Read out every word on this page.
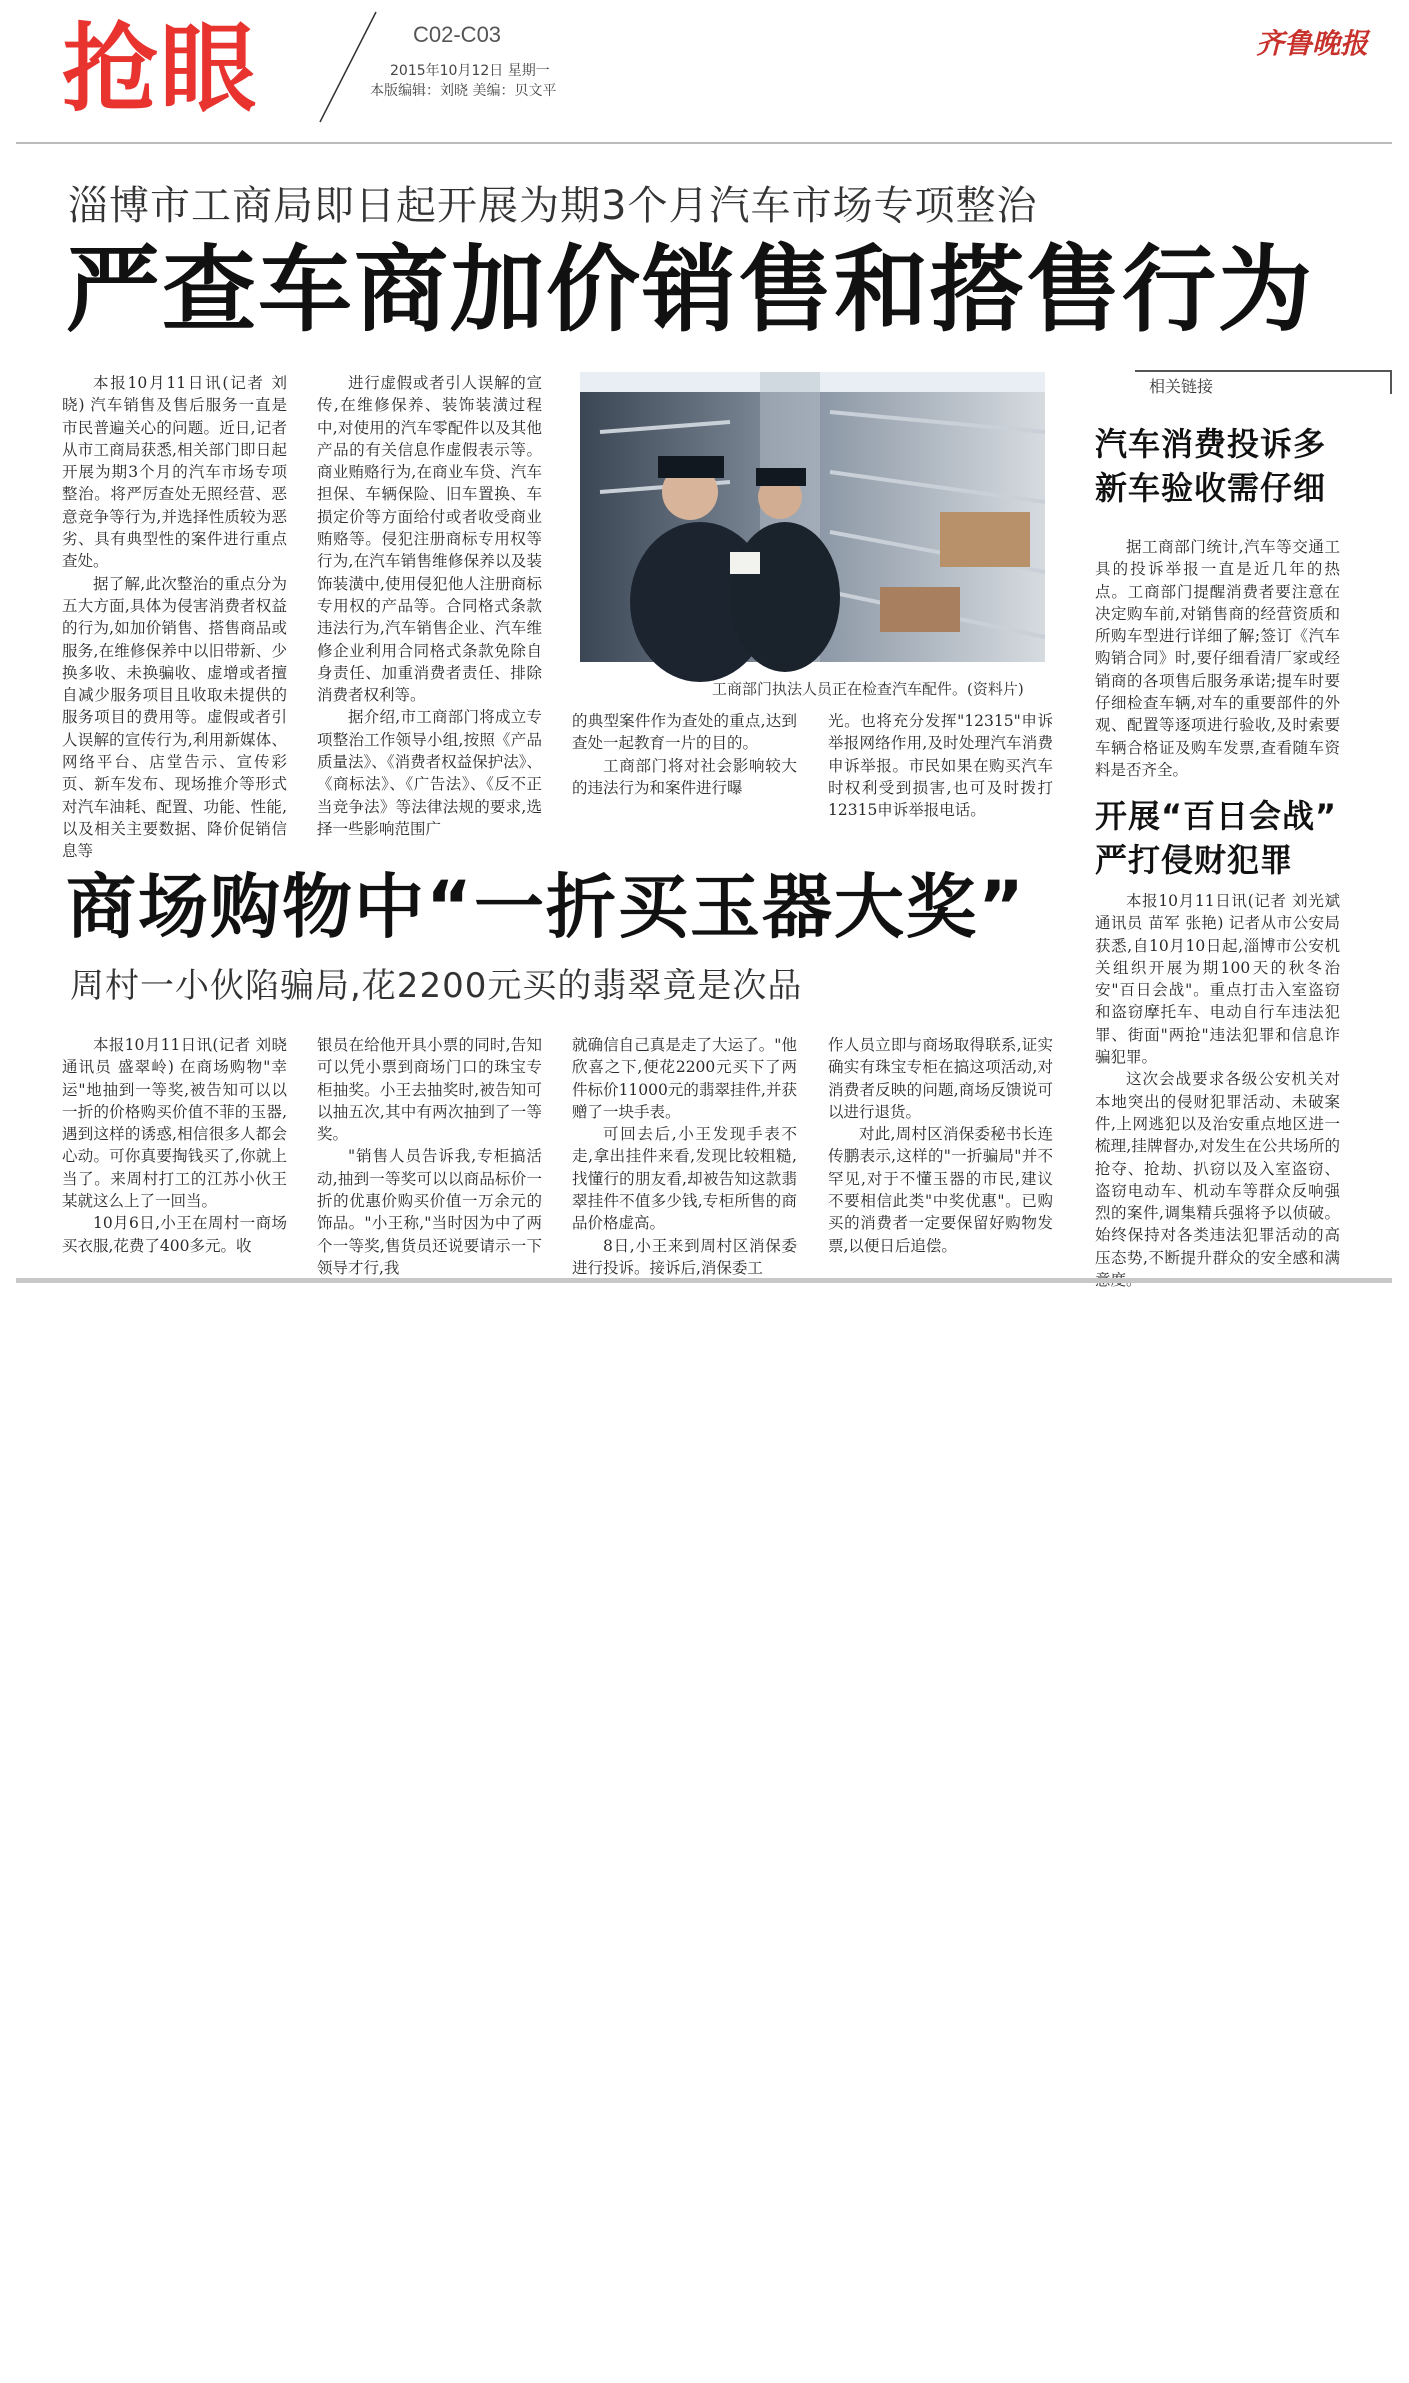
抢眼	C02-C03
2015年10月12日 星期一
本版编辑：刘晓 美编：贝文平
齐鲁晚报
淄博市工商局即日起开展为期3个月汽车市场专项整治
严查车商加价销售和搭售行为

本报10月11日讯(记者 刘晓) 汽车销售及售后服务一直是市民普遍关心的问题。近日,记者从市工商局获悉,相关部门即日起开展为期3个月的汽车市场专项整治。将严厉查处无照经营、恶意竞争等行为,并选择性质较为恶劣、具有典型性的案件进行重点查处。

据了解,此次整治的重点分为五大方面,具体为侵害消费者权益的行为,如加价销售、搭售商品或服务,在维修保养中以旧带新、少换多收、未换骗收、虚增或者擅自减少服务项目且收取未提供的服务项目的费用等。虚假或者引人误解的宣传行为,利用新媒体、网络平台、店堂告示、宣传彩页、新车发布、现场推介等形式对汽车油耗、配置、功能、性能,以及相关主要数据、降价促销信息等

进行虚假或者引人误解的宣传,在维修保养、装饰装潢过程中,对使用的汽车零配件以及其他产品的有关信息作虚假表示等。商业贿赂行为,在商业车贷、汽车担保、车辆保险、旧车置换、车损定价等方面给付或者收受商业贿赂等。侵犯注册商标专用权等行为,在汽车销售维修保养以及装饰装潢中,使用侵犯他人注册商标专用权的产品等。合同格式条款违法行为,汽车销售企业、汽车维修企业利用合同格式条款免除自身责任、加重消费者责任、排除消费者权利等。

据介绍,市工商部门将成立专项整治工作领导小组,按照《产品质量法》、《消费者权益保护法》、《商标法》、《广告法》、《反不正当竞争法》等法律法规的要求,选择一些影响范围广

工商部门执法人员正在检查汽车配件。(资料片)

的典型案件作为查处的重点,达到查处一起教育一片的目的。

工商部门将对社会影响较大的违法行为和案件进行曝

光。也将充分发挥"12315"申诉举报网络作用,及时处理汽车消费申诉举报。市民如果在购买汽车时权利受到损害,也可及时拨打12315申诉举报电话。

相关链接
汽车消费投诉多
新车验收需仔细

据工商部门统计,汽车等交通工具的投诉举报一直是近几年的热点。工商部门提醒消费者要注意在决定购车前,对销售商的经营资质和所购车型进行详细了解;签订《汽车购销合同》时,要仔细看清厂家或经销商的各项售后服务承诺;提车时要仔细检查车辆,对车的重要部件的外观、配置等逐项进行验收,及时索要车辆合格证及购车发票,查看随车资料是否齐全。

开展“百日会战”
严打侵财犯罪

本报10月11日讯(记者 刘光斌 通讯员 苗军 张艳) 记者从市公安局获悉,自10月10日起,淄博市公安机关组织开展为期100天的秋冬治安"百日会战"。重点打击入室盗窃和盗窃摩托车、电动自行车违法犯罪、街面"两抢"违法犯罪和信息诈骗犯罪。

这次会战要求各级公安机关对本地突出的侵财犯罪活动、未破案件,上网逃犯以及治安重点地区进一梳理,挂牌督办,对发生在公共场所的抢夺、抢劫、扒窃以及入室盗窃、盗窃电动车、机动车等群众反响强烈的案件,调集精兵强将予以侦破。始终保持对各类违法犯罪活动的高压态势,不断提升群众的安全感和满

商场购物中“一折买玉器大奖”
周村一小伙陷骗局,花2200元买的翡翠竟是次品

本报10月11日讯(记者 刘晓 通讯员 盛翠岭) 在商场购物"幸运"地抽到一等奖,被告知可以以一折的价格购买价值不菲的玉器,遇到这样的诱惑,相信很多人都会心动。可你真要掏钱买了,你就上当了。来周村打工的江苏小伙王某就这么上了一回当。

10月6日,小王在周村一商场买衣服,花费了400多元。收

银员在给他开具小票的同时,告知可以凭小票到商场门口的珠宝专柜抽奖。小王去抽奖时,被告知可以抽五次,其中有两次抽到了一等奖。

"销售人员告诉我,专柜搞活动,抽到一等奖可以以商品标价一折的优惠价购买价值一万余元的饰品。"小王称,"当时因为中了两个一等奖,售货员还说要请示一下领导才行,我

就确信自己真是走了大运了。"他欣喜之下,便花2200元买下了两件标价11000元的翡翠挂件,并获赠了一块手表。

可回去后,小王发现手表不走,拿出挂件来看,发现比较粗糙,找懂行的朋友看,却被告知这款翡翠挂件不值多少钱,专柜所售的商品价格虚高。

8日,小王来到周村区消保委进行投诉。接诉后,消保委工

作人员立即与商场取得联系,证实确实有珠宝专柜在搞这项活动,对消费者反映的问题,商场反馈说可以进行退货。

对此,周村区消保委秘书长连传鹏表示,这样的"一折骗局"并不罕见,对于不懂玉器的市民,建议不要相信此类"中奖优惠"。已购买的消费者一定要保留好购物发票,以便日后追偿。
